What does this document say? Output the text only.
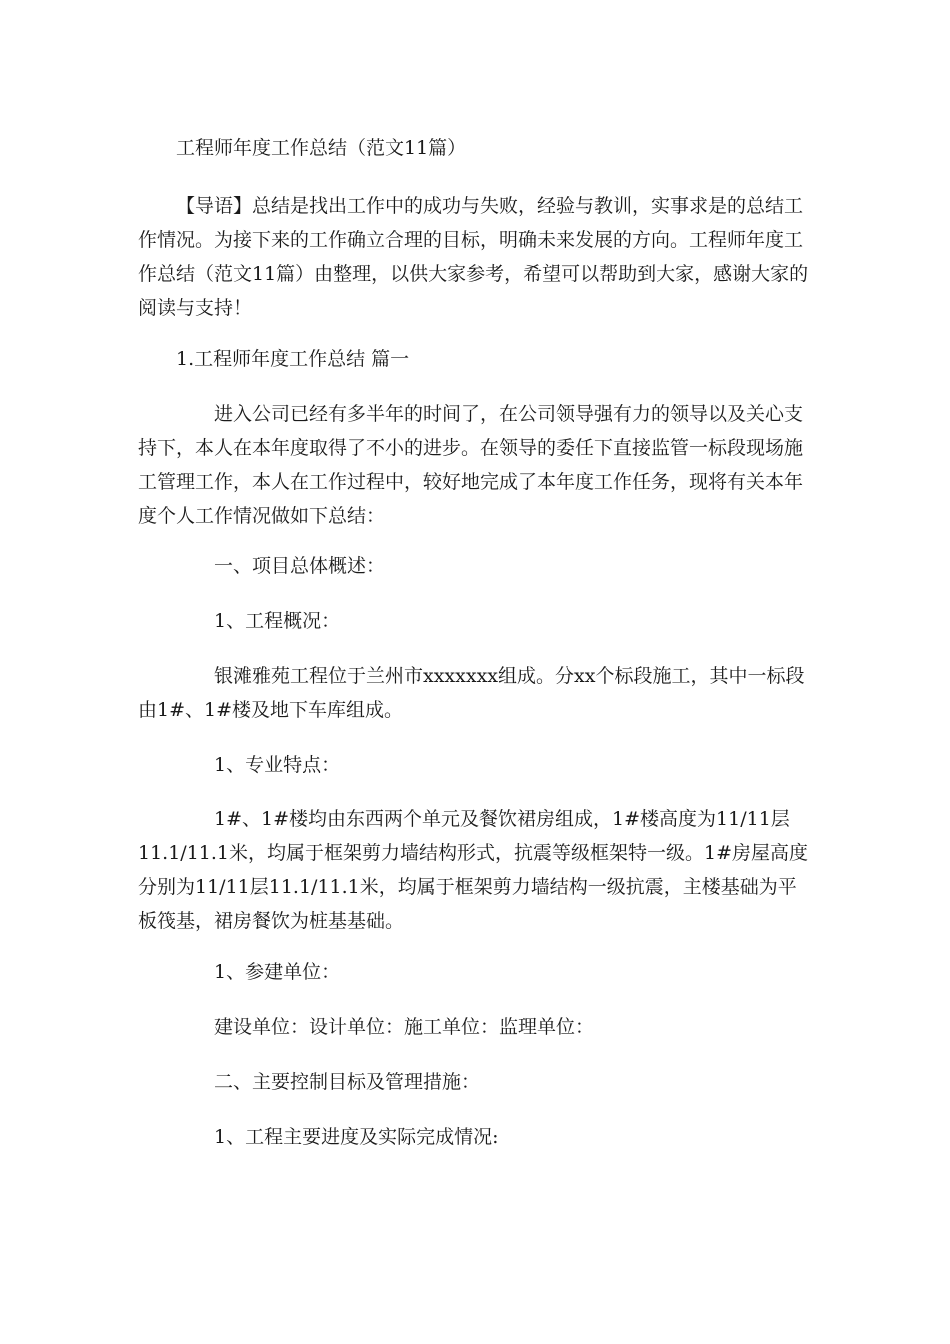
工程师年度工作总结（范文11篇）
【导语】总结是找出工作中的成功与失败，经验与教训，实事求是的总结工
作情况。为接下来的工作确立合理的目标，明确未来发展的方向。工程师年度工
作总结（范文11篇）由整理，以供大家参考，希望可以帮助到大家，感谢大家的
阅读与支持！
1.工程师年度工作总结 篇一
进入公司已经有多半年的时间了，在公司领导强有力的领导以及关心支
持下，本人在本年度取得了不小的进步。在领导的委任下直接监管一标段现场施
工管理工作，本人在工作过程中，较好地完成了本年度工作任务，现将有关本年
度个人工作情况做如下总结：
一、项目总体概述：
1、工程概况：
银滩雅苑工程位于兰州市xxxxxxx组成。分xx个标段施工，其中一标段
由1#、1#楼及地下车库组成。
1、专业特点：
1#、1#楼均由东西两个单元及餐饮裙房组成，1#楼高度为11/11层
11.1/11.1米，均属于框架剪力墙结构形式，抗震等级框架特一级。1#房屋高度
分别为11/11层11.1/11.1米，均属于框架剪力墙结构一级抗震，主楼基础为平
板筏基，裙房餐饮为桩基基础。
1、参建单位：
建设单位：设计单位：施工单位：监理单位：
二、主要控制目标及管理措施：
1、工程主要进度及实际完成情况:
